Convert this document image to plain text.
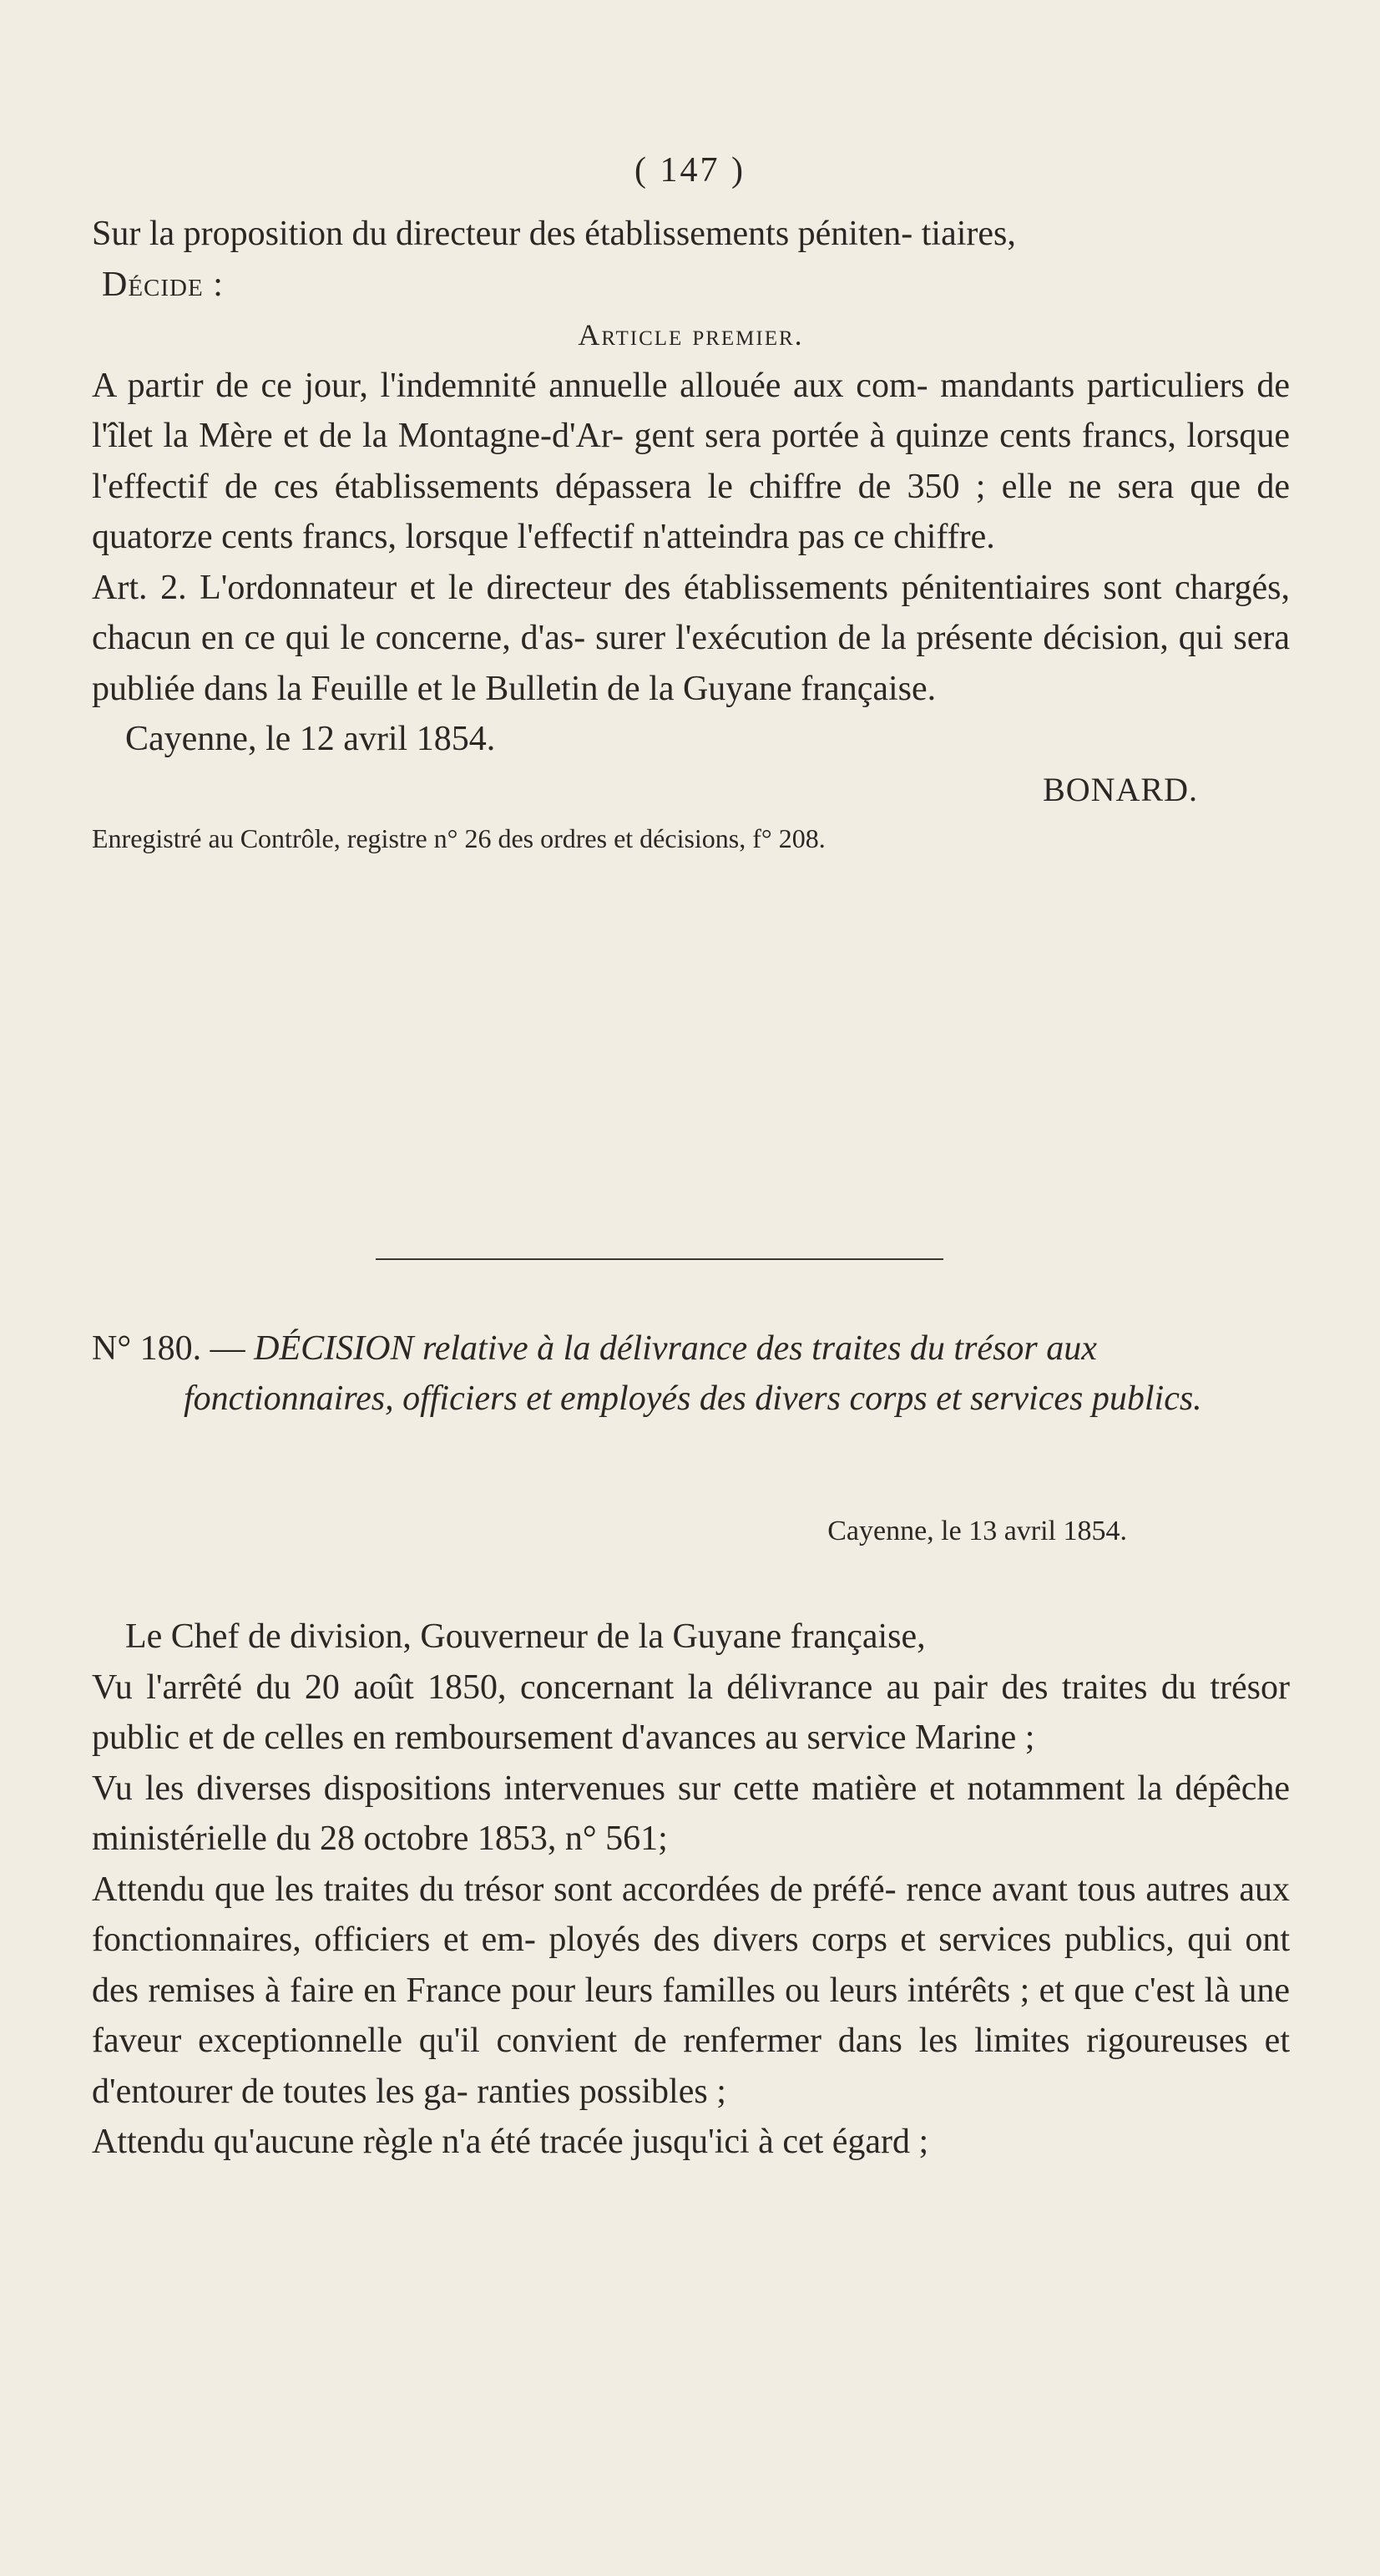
( 147 )

Sur la proposition du directeur des établissements péniten- tiaires,

Décide :

Article premier.

A partir de ce jour, l'indemnité annuelle allouée aux com- mandants particuliers de l'îlet la Mère et de la Montagne-d'Ar- gent sera portée à quinze cents francs, lorsque l'effectif de ces établissements dépassera le chiffre de 350 ; elle ne sera que de quatorze cents francs, lorsque l'effectif n'atteindra pas ce chiffre.

Art. 2. L'ordonnateur et le directeur des établissements pénitentiaires sont chargés, chacun en ce qui le concerne, d'as- surer l'exécution de la présente décision, qui sera publiée dans la Feuille et le Bulletin de la Guyane française.

Cayenne, le 12 avril 1854.

BONARD.
Enregistré au Contrôle, registre n° 26 des ordres et décisions, f° 208.
N° 180. — DÉCISION relative à la délivrance des traites du trésor aux fonctionnaires, officiers et employés des divers corps et services publics.
Cayenne, le 13 avril 1854.

Le Chef de division, Gouverneur de la Guyane française,

Vu l'arrêté du 20 août 1850, concernant la délivrance au pair des traites du trésor public et de celles en remboursement d'avances au service Marine ;

Vu les diverses dispositions intervenues sur cette matière et notamment la dépêche ministérielle du 28 octobre 1853, n° 561;

Attendu que les traites du trésor sont accordées de préfé- rence avant tous autres aux fonctionnaires, officiers et em- ployés des divers corps et services publics, qui ont des remises à faire en France pour leurs familles ou leurs intérêts ; et que c'est là une faveur exceptionnelle qu'il convient de renfermer dans les limites rigoureuses et d'entourer de toutes les ga- ranties possibles ;

Attendu qu'aucune règle n'a été tracée jusqu'ici à cet égard ;
